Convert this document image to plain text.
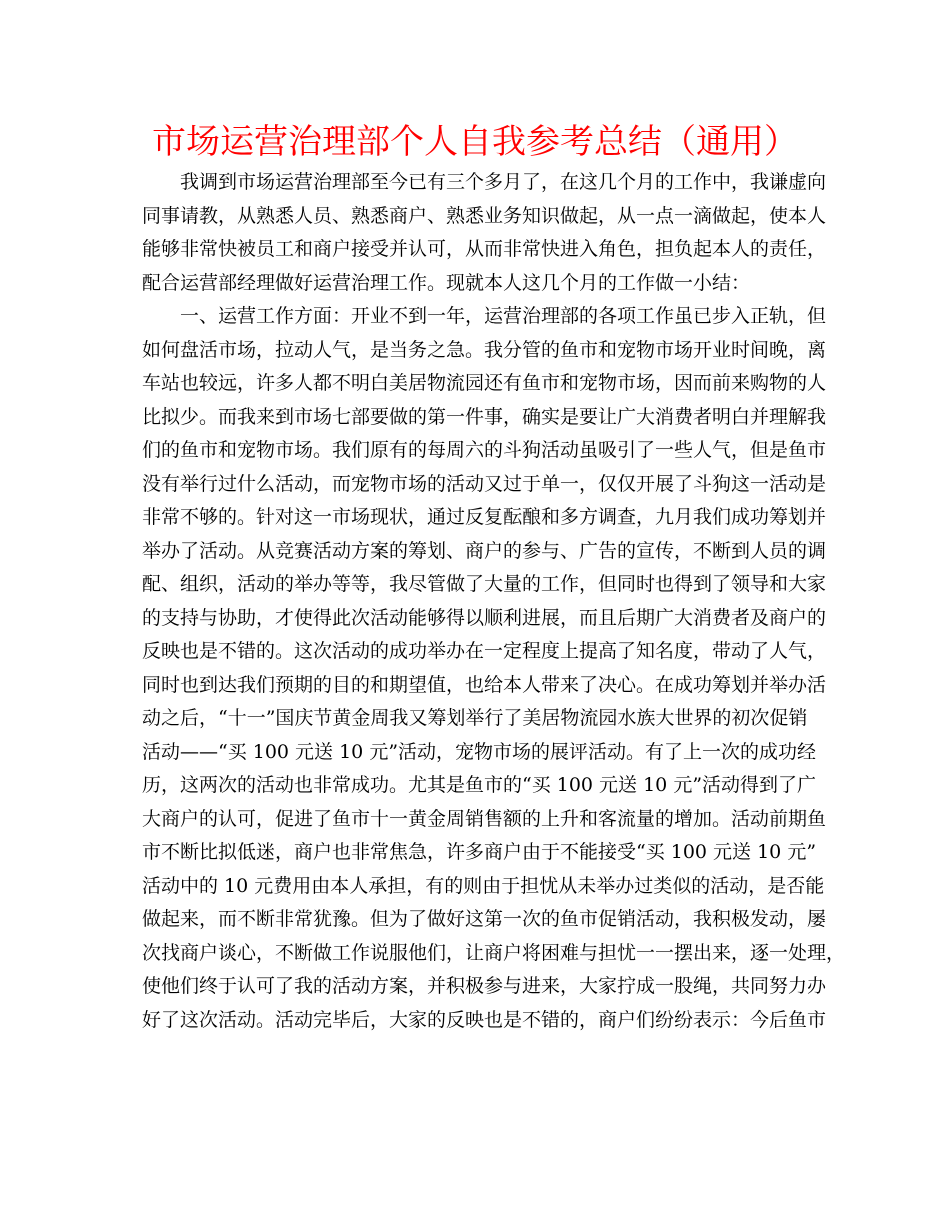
市场运营治理部个人自我参考总结（通用）
我调到市场运营治理部至今已有三个多月了，在这几个月的工作中，我谦虚向
同事请教，从熟悉人员、熟悉商户、熟悉业务知识做起，从一点一滴做起，使本人
能够非常快被员工和商户接受并认可，从而非常快进入角色，担负起本人的责任，
配合运营部经理做好运营治理工作。现就本人这几个月的工作做一小结：
一、运营工作方面：开业不到一年，运营治理部的各项工作虽已步入正轨，但
如何盘活市场，拉动人气，是当务之急。我分管的鱼市和宠物市场开业时间晚，离
车站也较远，许多人都不明白美居物流园还有鱼市和宠物市场，因而前来购物的人
比拟少。而我来到市场七部要做的第一件事，确实是要让广大消费者明白并理解我
们的鱼市和宠物市场。我们原有的每周六的斗狗活动虽吸引了一些人气，但是鱼市
没有举行过什么活动，而宠物市场的活动又过于单一，仅仅开展了斗狗这一活动是
非常不够的。针对这一市场现状，通过反复酝酿和多方调查，九月我们成功筹划并
举办了活动。从竞赛活动方案的筹划、商户的参与、广告的宣传，不断到人员的调
配、组织，活动的举办等等，我尽管做了大量的工作，但同时也得到了领导和大家
的支持与协助，才使得此次活动能够得以顺利进展，而且后期广大消费者及商户的
反映也是不错的。这次活动的成功举办在一定程度上提高了知名度，带动了人气，
同时也到达我们预期的目的和期望值，也给本人带来了决心。在成功筹划并举办活
动之后，“十一”国庆节黄金周我又筹划举行了美居物流园水族大世界的初次促销
活动——“买 100 元送 10 元”活动，宠物市场的展评活动。有了上一次的成功经
历，这两次的活动也非常成功。尤其是鱼市的“买 100 元送 10 元”活动得到了广
大商户的认可，促进了鱼市十一黄金周销售额的上升和客流量的增加。活动前期鱼
市不断比拟低迷，商户也非常焦急，许多商户由于不能接受“买 100 元送 10 元”
活动中的 10 元费用由本人承担，有的则由于担忧从未举办过类似的活动，是否能
做起来，而不断非常犹豫。但为了做好这第一次的鱼市促销活动，我积极发动，屡
次找商户谈心，不断做工作说服他们，让商户将困难与担忧一一摆出来，逐一处理，
使他们终于认可了我的活动方案，并积极参与进来，大家拧成一股绳，共同努力办
好了这次活动。活动完毕后，大家的反映也是不错的，商户们纷纷表示：今后鱼市
